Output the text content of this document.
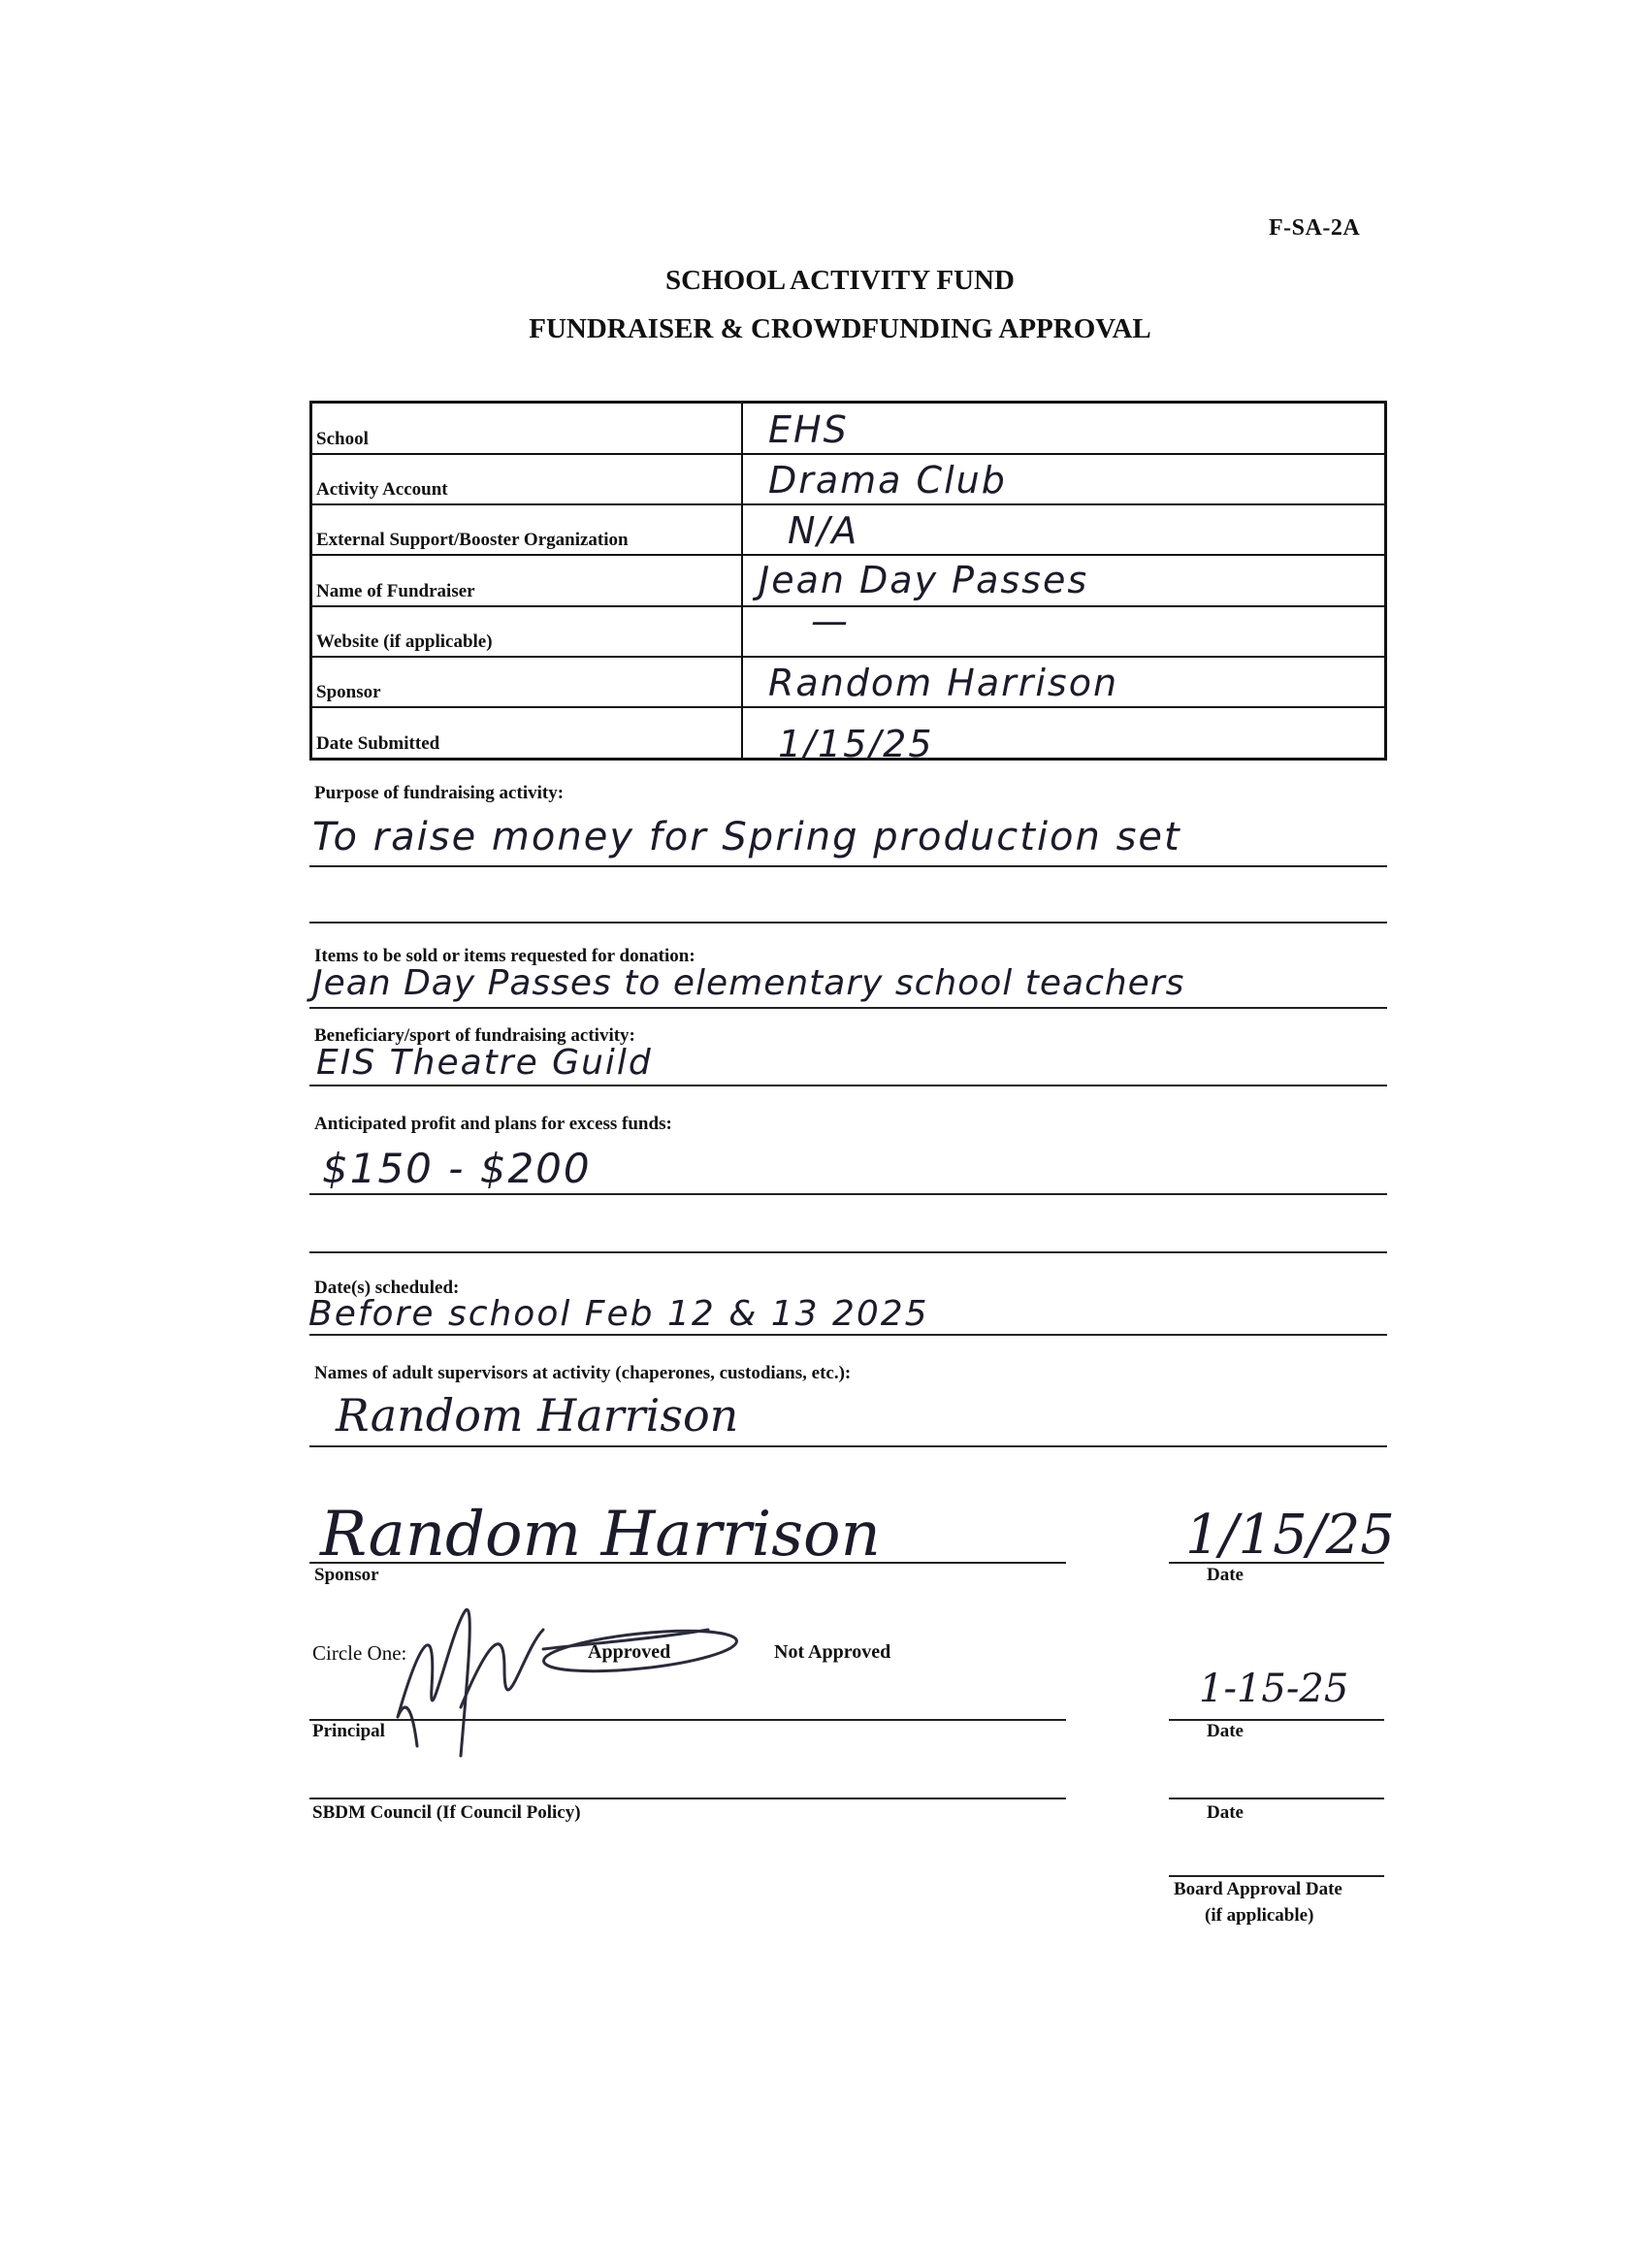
F-SA-2A
SCHOOL ACTIVITY FUND
FUNDRAISER & CROWDFUNDING APPROVAL
School	EHS

Activity Account	Drama Club

External Support/Booster Organization	N/A

Name of Fundraiser	Jean Day Passes

Website (if applicable)	—

Sponsor	Random Harrison

Date Submitted	1/15/25
Purpose of fundraising activity:
To raise money for Spring production set
Items to be sold or items requested for donation:
Jean Day Passes to elementary school teachers
Beneficiary/sport of fundraising activity:
EIS Theatre Guild
Anticipated profit and plans for excess funds:
$150 - $200
Date(s) scheduled:
Before school Feb 12 & 13 2025
Names of adult supervisors at activity (chaperones, custodians, etc.):
Random Harrison
Random Harrison
Sponsor
1/15/25
Date
Circle One:	Approved	Not Approved
Principal
1-15-25
Date
SBDM Council (If Council Policy)	Date
Board Approval Date
(if applicable)
